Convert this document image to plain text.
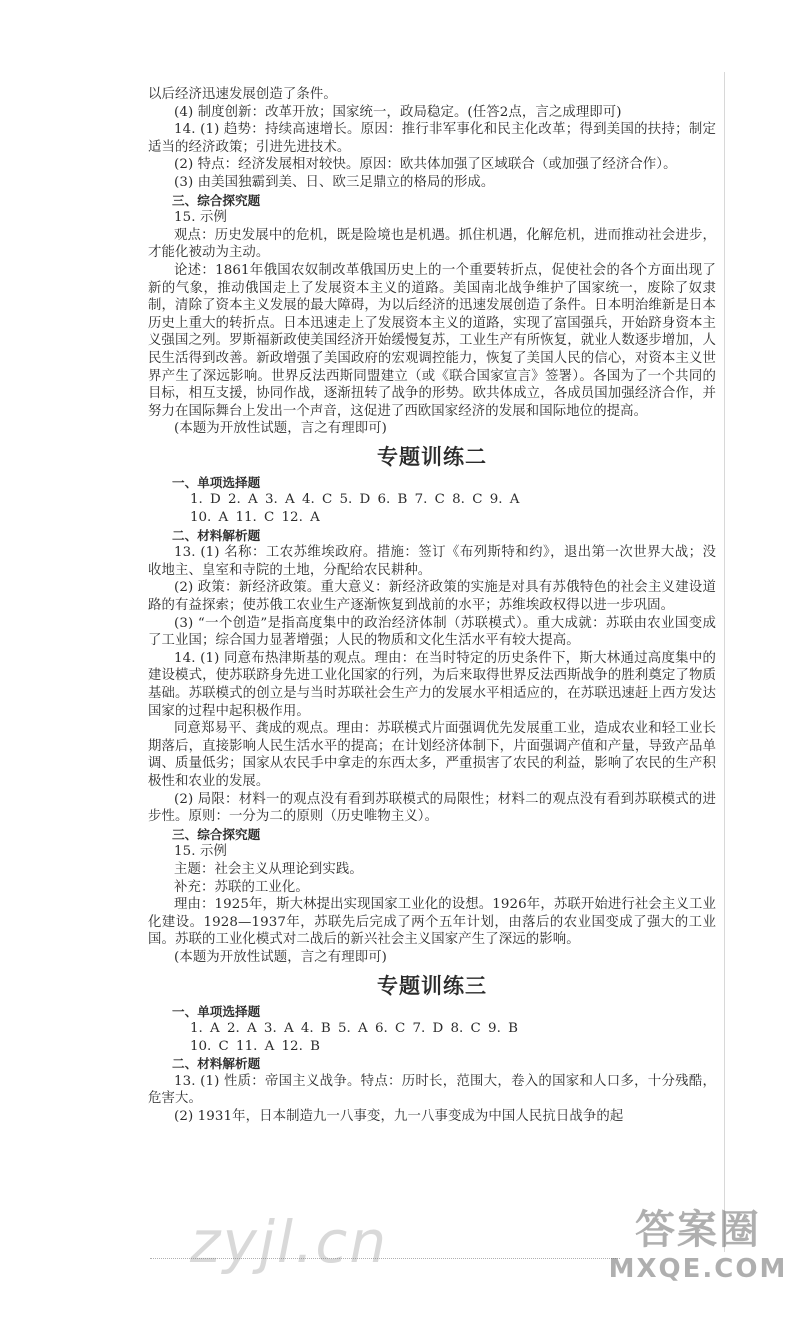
以后经济迅速发展创造了条件。

(4) 制度创新：改革开放；国家统一，政局稳定。(任答2点，言之成理即可)

14. (1) 趋势：持续高速增长。原因：推行非军事化和民主化改革；得到美国的扶持；制定适当的经济政策；引进先进技术。

(2) 特点：经济发展相对较快。原因：欧共体加强了区域联合（或加强了经济合作）。

(3) 由美国独霸到美、日、欧三足鼎立的格局的形成。

三、综合探究题

15. 示例

观点：历史发展中的危机，既是险境也是机遇。抓住机遇，化解危机，进而推动社会进步，才能化被动为主动。

论述：1861年俄国农奴制改革俄国历史上的一个重要转折点，促使社会的各个方面出现了新的气象，推动俄国走上了发展资本主义的道路。美国南北战争维护了国家统一，废除了奴隶制，清除了资本主义发展的最大障碍，为以后经济的迅速发展创造了条件。日本明治维新是日本历史上重大的转折点。日本迅速走上了发展资本主义的道路，实现了富国强兵，开始跻身资本主义强国之列。罗斯福新政使美国经济开始缓慢复苏，工业生产有所恢复，就业人数逐步增加，人民生活得到改善。新政增强了美国政府的宏观调控能力，恢复了美国人民的信心，对资本主义世界产生了深远影响。世界反法西斯同盟建立（或《联合国家宣言》签署）。各国为了一个共同的目标，相互支援，协同作战，逐渐扭转了战争的形势。欧共体成立，各成员国加强经济合作，并努力在国际舞台上发出一个声音，这促进了西欧国家经济的发展和国际地位的提高。

(本题为开放性试题，言之有理即可)

专题训练二

一、单项选择题

1. D 2. A 3. A 4. C 5. D 6. B 7. C 8. C 9. A

10. A 11. C 12. A

二、材料解析题

13. (1) 名称：工农苏维埃政府。措施：签订《布列斯特和约》，退出第一次世界大战；没收地主、皇室和寺院的土地，分配给农民耕种。

(2) 政策：新经济政策。重大意义：新经济政策的实施是对具有苏俄特色的社会主义建设道路的有益探索；使苏俄工农业生产逐渐恢复到战前的水平；苏维埃政权得以进一步巩固。

(3) “一个创造”是指高度集中的政治经济体制（苏联模式）。重大成就：苏联由农业国变成了工业国；综合国力显著增强；人民的物质和文化生活水平有较大提高。

14. (1) 同意布热津斯基的观点。理由：在当时特定的历史条件下，斯大林通过高度集中的建设模式，使苏联跻身先进工业化国家的行列，为后来取得世界反法西斯战争的胜利奠定了物质基础。苏联模式的创立是与当时苏联社会生产力的发展水平相适应的，在苏联迅速赶上西方发达国家的过程中起积极作用。

同意郑易平、龚成的观点。理由：苏联模式片面强调优先发展重工业，造成农业和轻工业长期落后，直接影响人民生活水平的提高；在计划经济体制下，片面强调产值和产量，导致产品单调、质量低劣；国家从农民手中拿走的东西太多，严重损害了农民的利益，影响了农民的生产积极性和农业的发展。

(2) 局限：材料一的观点没有看到苏联模式的局限性；材料二的观点没有看到苏联模式的进步性。原则：一分为二的原则（历史唯物主义）。

三、综合探究题

15. 示例

主题：社会主义从理论到实践。

补充：苏联的工业化。

理由：1925年，斯大林提出实现国家工业化的设想。1926年，苏联开始进行社会主义工业化建设。1928—1937年，苏联先后完成了两个五年计划，由落后的农业国变成了强大的工业国。苏联的工业化模式对二战后的新兴社会主义国家产生了深远的影响。

(本题为开放性试题，言之有理即可)

专题训练三

一、单项选择题

1. A 2. A 3. A 4. B 5. A 6. C 7. D 8. C 9. B

10. C 11. A 12. B

二、材料解析题

13. (1) 性质：帝国主义战争。特点：历时长，范围大，卷入的国家和人口多，十分残酷，危害大。

(2) 1931年，日本制造九一八事变，九一八事变成为中国人民抗日战争的起

zyjl.cn	答案圈
MXQE.COM
